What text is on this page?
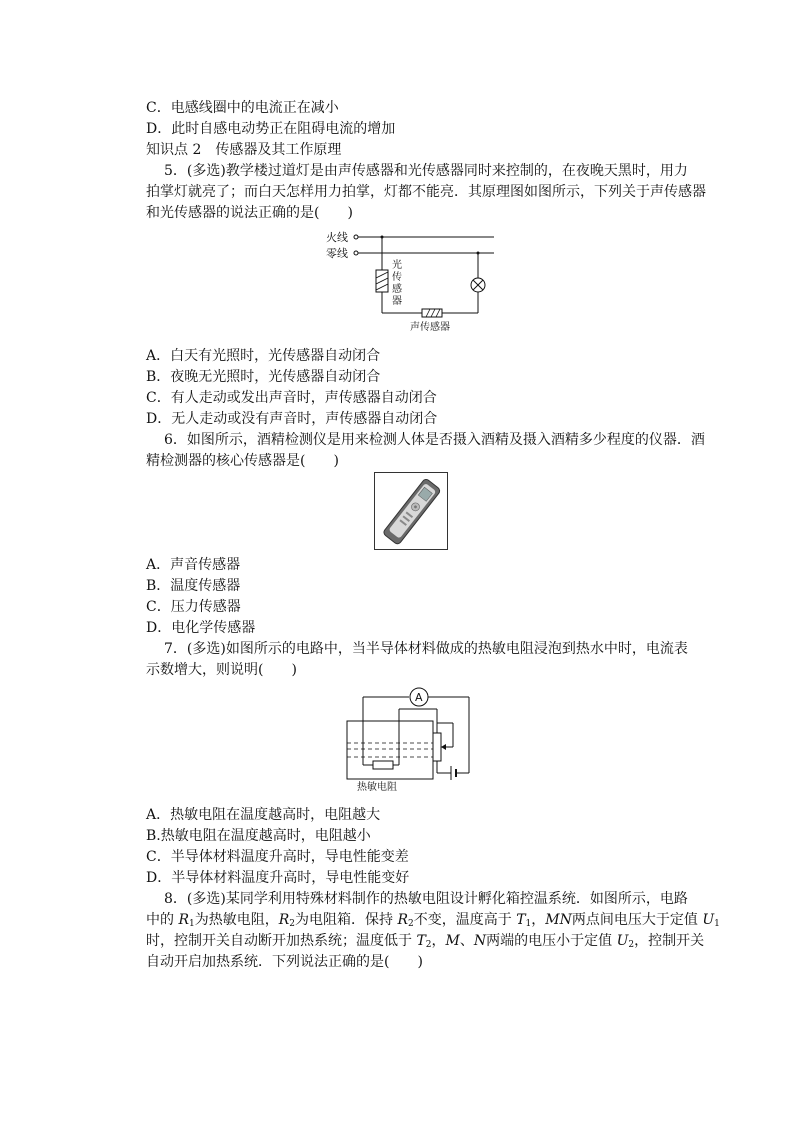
C．电感线圈中的电流正在减小
D．此时自感电动势正在阻碍电流的增加
知识点 2　传感器及其工作原理
5．(多选)教学楼过道灯是由声传感器和光传感器同时来控制的，在夜晚天黑时，用力
拍掌灯就亮了；而白天怎样用力拍掌，灯都不能亮．其原理图如图所示，下列关于声传感器
和光传感器的说法正确的是(　　)
火线
零线
光
传
感
器
声传感器
A．白天有光照时，光传感器自动闭合
B．夜晚无光照时，光传感器自动闭合
C．有人走动或发出声音时，声传感器自动闭合
D．无人走动或没有声音时，声传感器自动闭合
6．如图所示，酒精检测仪是用来检测人体是否摄入酒精及摄入酒精多少程度的仪器．酒
精检测器的核心传感器是(　　)
A．声音传感器
B．温度传感器
C．压力传感器
D．电化学传感器
7．(多选)如图所示的电路中，当半导体材料做成的热敏电阻浸泡到热水中时，电流表
示数增大，则说明(　　)
A
热敏电阻
A．热敏电阻在温度越高时，电阻越大
B.热敏电阻在温度越高时，电阻越小
C．半导体材料温度升高时，导电性能变差
D．半导体材料温度升高时，导电性能变好
8．(多选)某同学利用特殊材料制作的热敏电阻设计孵化箱控温系统．如图所示，电路
中的 $R_1$为热敏电阻，$R_2$为电阻箱．保持 $R_2$不变，温度高于 $T_1$，MN两点间电压大于定值 $U_1$
时，控制开关自动断开加热系统；温度低于 $T_2$，M、N两端的电压小于定值 $U_2$，控制开关
自动开启加热系统．下列说法正确的是(　　)
